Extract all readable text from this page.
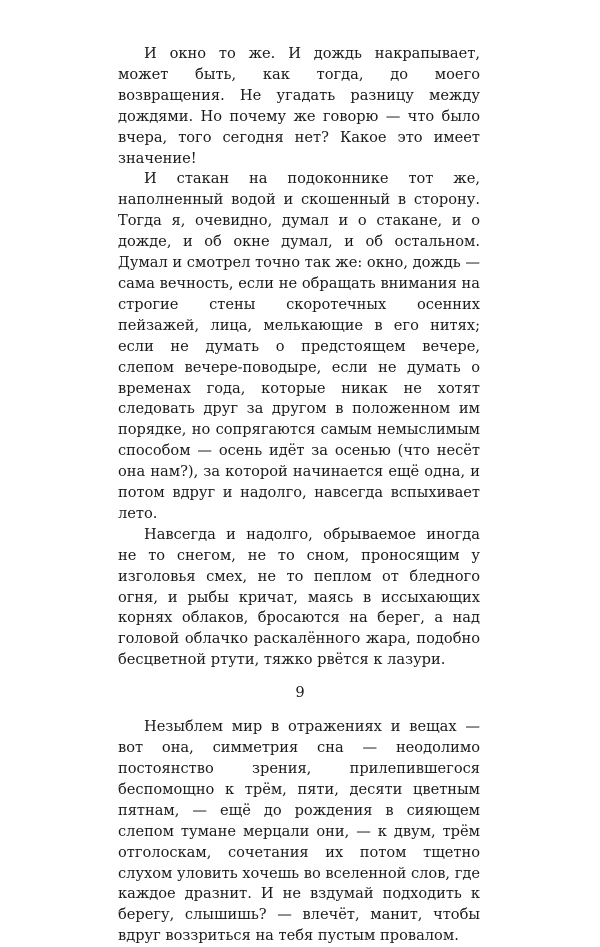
И окно то же. И дождь накрапывает, может быть, как тогда, до моего возвращения. Не угадать разницу между дождями. Но почему же говорю — что было вчера, того сегодня нет? Какое это имеет значение!

И стакан на подоконнике тот же, наполненный водой и скошенный в сторону. Тогда я, очевидно, думал и о стакане, и о дожде, и об окне думал, и об остальном. Думал и смотрел точно так же: окно, дождь — сама вечность, если не обращать внимания на строгие стены скоротечных осенних пейзажей, лица, мелькающие в его нитях; если не думать о предстоящем вечере, слепом вечере-поводыре, если не думать о временах года, которые никак не хотят следовать друг за другом в положенном им порядке, но сопрягаются самым немыслимым способом — осень идёт за осенью (что несёт она нам?), за которой начинается ещё одна, и потом вдруг и надолго, навсегда вспыхивает лето.

Навсегда и надолго, обрываемое иногда не то снегом, не то сном, проносящим у изголовья смех, не то пеплом от бледного огня, и рыбы кричат, маясь в иссыхающих корнях облаков, бросаются на берег, а над головой облачко раскалённого жара, подобно бесцветной ртути, тяжко рвётся к лазури.

Незыблем мир в отражениях и вещах — вот она, симметрия сна — неодолимо постоянство зрения, прилепившегося беспомощно к трём, пяти, десяти цветным пятнам, — ещё до рождения в сияющем слепом тумане мерцали они, — к двум, трём отголоскам, сочетания их потом тщетно слухом уловить хочешь во вселенной слов, где каждое дразнит. И не вздумай подходить к берегу, слышишь? — влечёт, манит, чтобы вдруг воззриться на тебя пустым провалом.

9
